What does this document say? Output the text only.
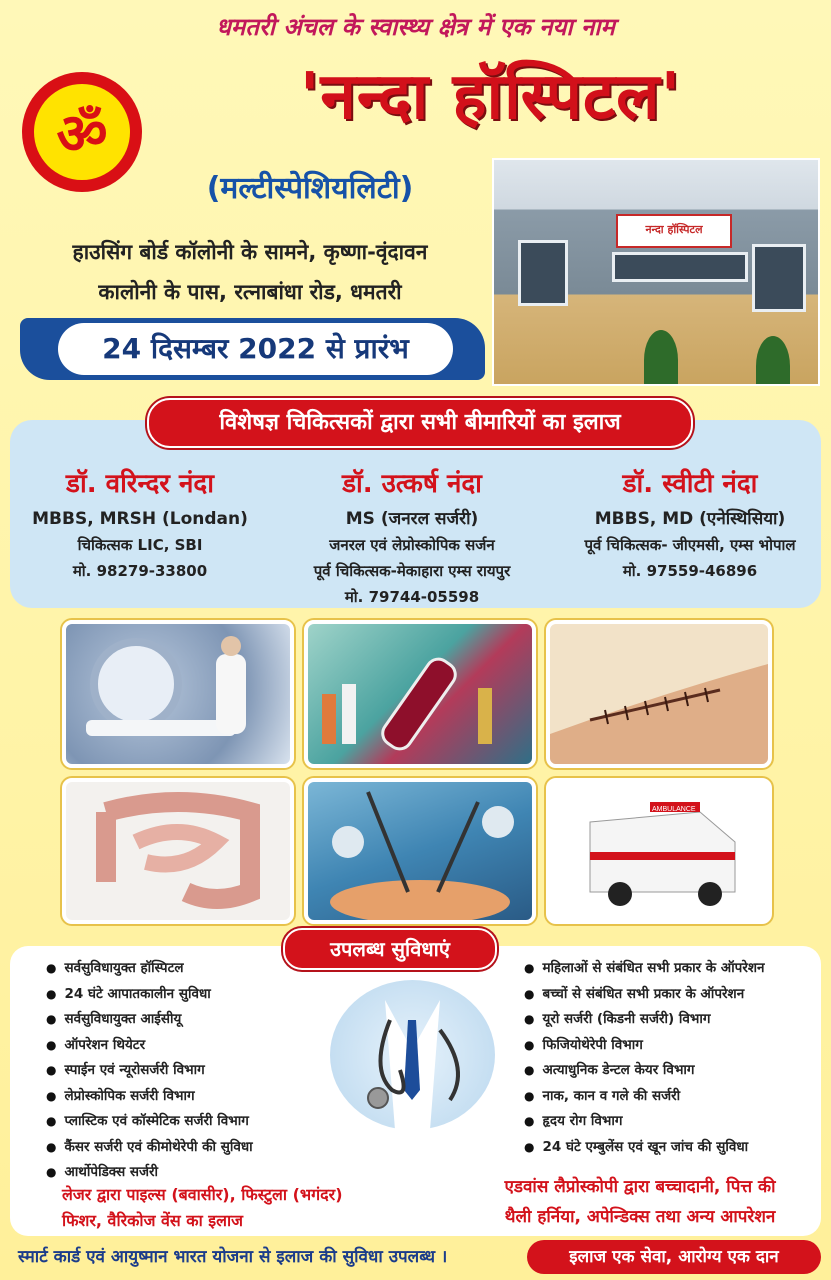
धमतरी अंचल के स्वास्थ्य क्षेत्र में एक नया नाम
ॐ	'नन्दा हॉस्पिटल'
(मल्टीस्पेशियलिटी)
हाउसिंग बोर्ड कॉलोनी के सामने, कृष्णा-वृंदावन
कालोनी के पास, रत्नाबांधा रोड, धमतरी
24 दिसम्बर 2022 से प्रारंभ
नन्दा हॉस्पिटल
डॉ. वरिन्दर नंदा
MBBS, MRSH (Londan)
चिकित्सक LIC, SBI
मो. 98279-33800
डॉ. उत्कर्ष नंदा
MS (जनरल सर्जरी)
जनरल एवं लेप्रोस्कोपिक सर्जन
पूर्व चिकित्सक-मेकाहारा एम्स रायपुर
मो. 79744-05598
डॉ. स्वीटी नंदा
MBBS, MD (एनेस्थिसिया)
पूर्व चिकित्सक- जीएमसी, एम्स भोपाल
मो. 97559-46896
विशेषज्ञ चिकित्सकों द्वारा सभी बीमारियों का इलाज
AMBULANCE
उपलब्ध सुविधाएं
● सर्वसुविधायुक्त हॉस्पिटल
● 24 घंटे आपातकालीन सुविधा
● सर्वसुविधायुक्त आईसीयू
● ऑपरेशन थियेटर
● स्पाईन एवं न्यूरोसर्जरी विभाग
● लेप्रोस्कोपिक सर्जरी विभाग
● प्लास्टिक एवं कॉस्मेटिक सर्जरी विभाग
● कैंसर सर्जरी एवं कीमोथेरेपी की सुविधा
● आर्थोपेडिक्स सर्जरी
लेजर द्वारा पाइल्स (बवासीर), फिस्टुला (भगंदर)
फिशर, वैरिकोज वेंस का इलाज
● महिलाओं से संबंधित सभी प्रकार के ऑपरेशन
● बच्चों से संबंधित सभी प्रकार के ऑपरेशन
● यूरो सर्जरी (किडनी सर्जरी) विभाग
● फिजियोथेरेपी विभाग
● अत्याधुनिक डेन्टल केयर विभाग
● नाक, कान व गले की सर्जरी
● हृदय रोग विभाग
● 24 घंटे एम्बुलेंस एवं खून जांच की सुविधा
एडवांस लैप्रोस्कोपी द्वारा बच्चादानी, पित्त की
थैली हर्निया, अपेन्डिक्स तथा अन्य आपरेशन
स्मार्ट कार्ड एवं आयुष्मान भारत योजना से इलाज की सुविधा उपलब्ध ।	इलाज एक सेवा, आरोग्य एक दान
